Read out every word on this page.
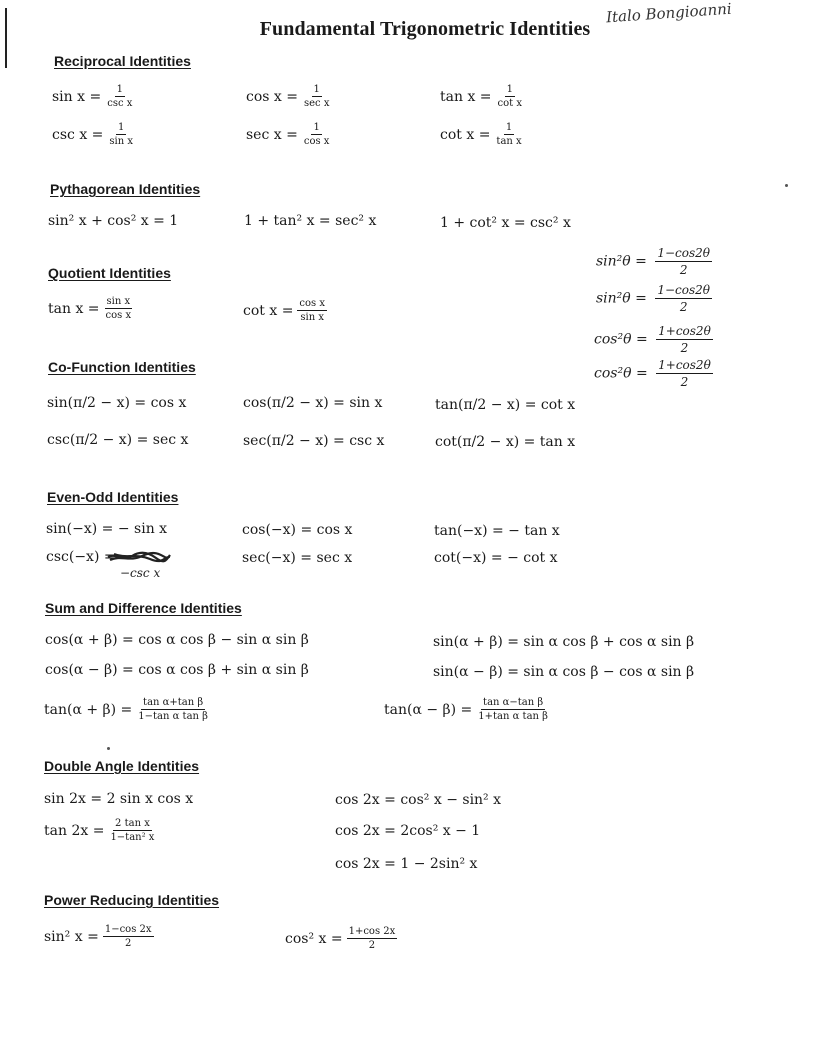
Fundamental Trigonometric Identities
Italo Bongioanni
Reciprocal Identities
$\sin x = \frac{1}{\text{csc x}}$	$\cos x = \frac{1}{\text{sec x}}$	$\tan x = \frac{1}{\text{cot x}}$
$\csc x = \frac{1}{\text{sin x}}$	$\sec x = \frac{1}{\text{cos x}}$	$\cot x = \frac{1}{\text{tan x}}$
Pythagorean Identities
sin² x + cos² x = 1	1 + tan² x = sec² x	1 + cot² x = csc² x
Quotient Identities
$\tan x = \frac{\text{sin x}}{\text{cos x}}$	$\cot x = \frac{\text{cos x}}{\text{sin x}}$
$\sin^2\theta = \frac{1-\cos 2\theta}{2}$
$\sin^2\theta = \frac{1-\cos 2\theta}{2}$
$\cos^2\theta = \frac{1+\cos 2\theta}{2}$
$\cos^2\theta = \frac{1+\cos 2\theta}{2}$
Co-Function Identities
sin(π/2 − x) = cos x	cos(π/2 − x) = sin x	tan(π/2 − x) = cot x
csc(π/2 − x) = sec x	sec(π/2 − x) = csc x	cot(π/2 − x) = tan x
Even-Odd Identities
sin(−x) = − sin x	cos(−x) = cos x	tan(−x) = − tan x
csc(−x) =
−csc x
sec(−x) = sec x	cot(−x) = − cot x
Sum and Difference Identities
cos(α + β) = cos α cos β − sin α sin β	sin(α + β) = sin α cos β + cos α sin β
cos(α − β) = cos α cos β + sin α sin β	sin(α − β) = sin α cos β − cos α sin β
$\tan(\alpha + \beta) = \frac{\text{tan α+tan β}}{\text{1−tan α tan β}}$	$\tan(\alpha - \beta) = \frac{\text{tan α−tan β}}{\text{1+tan α tan β}}$
Double Angle Identities
sin 2x = 2 sin x cos x	cos 2x = cos² x − sin² x
$\tan 2x = \frac{\text{2 tan x}}{\text{1−tan² x}}$	cos 2x = 2cos² x − 1
cos 2x = 1 − 2sin² x
Power Reducing Identities
sin² $x = \frac{1-\cos 2x}{2}$	cos² $x = \frac{1+\cos 2x}{2}$
